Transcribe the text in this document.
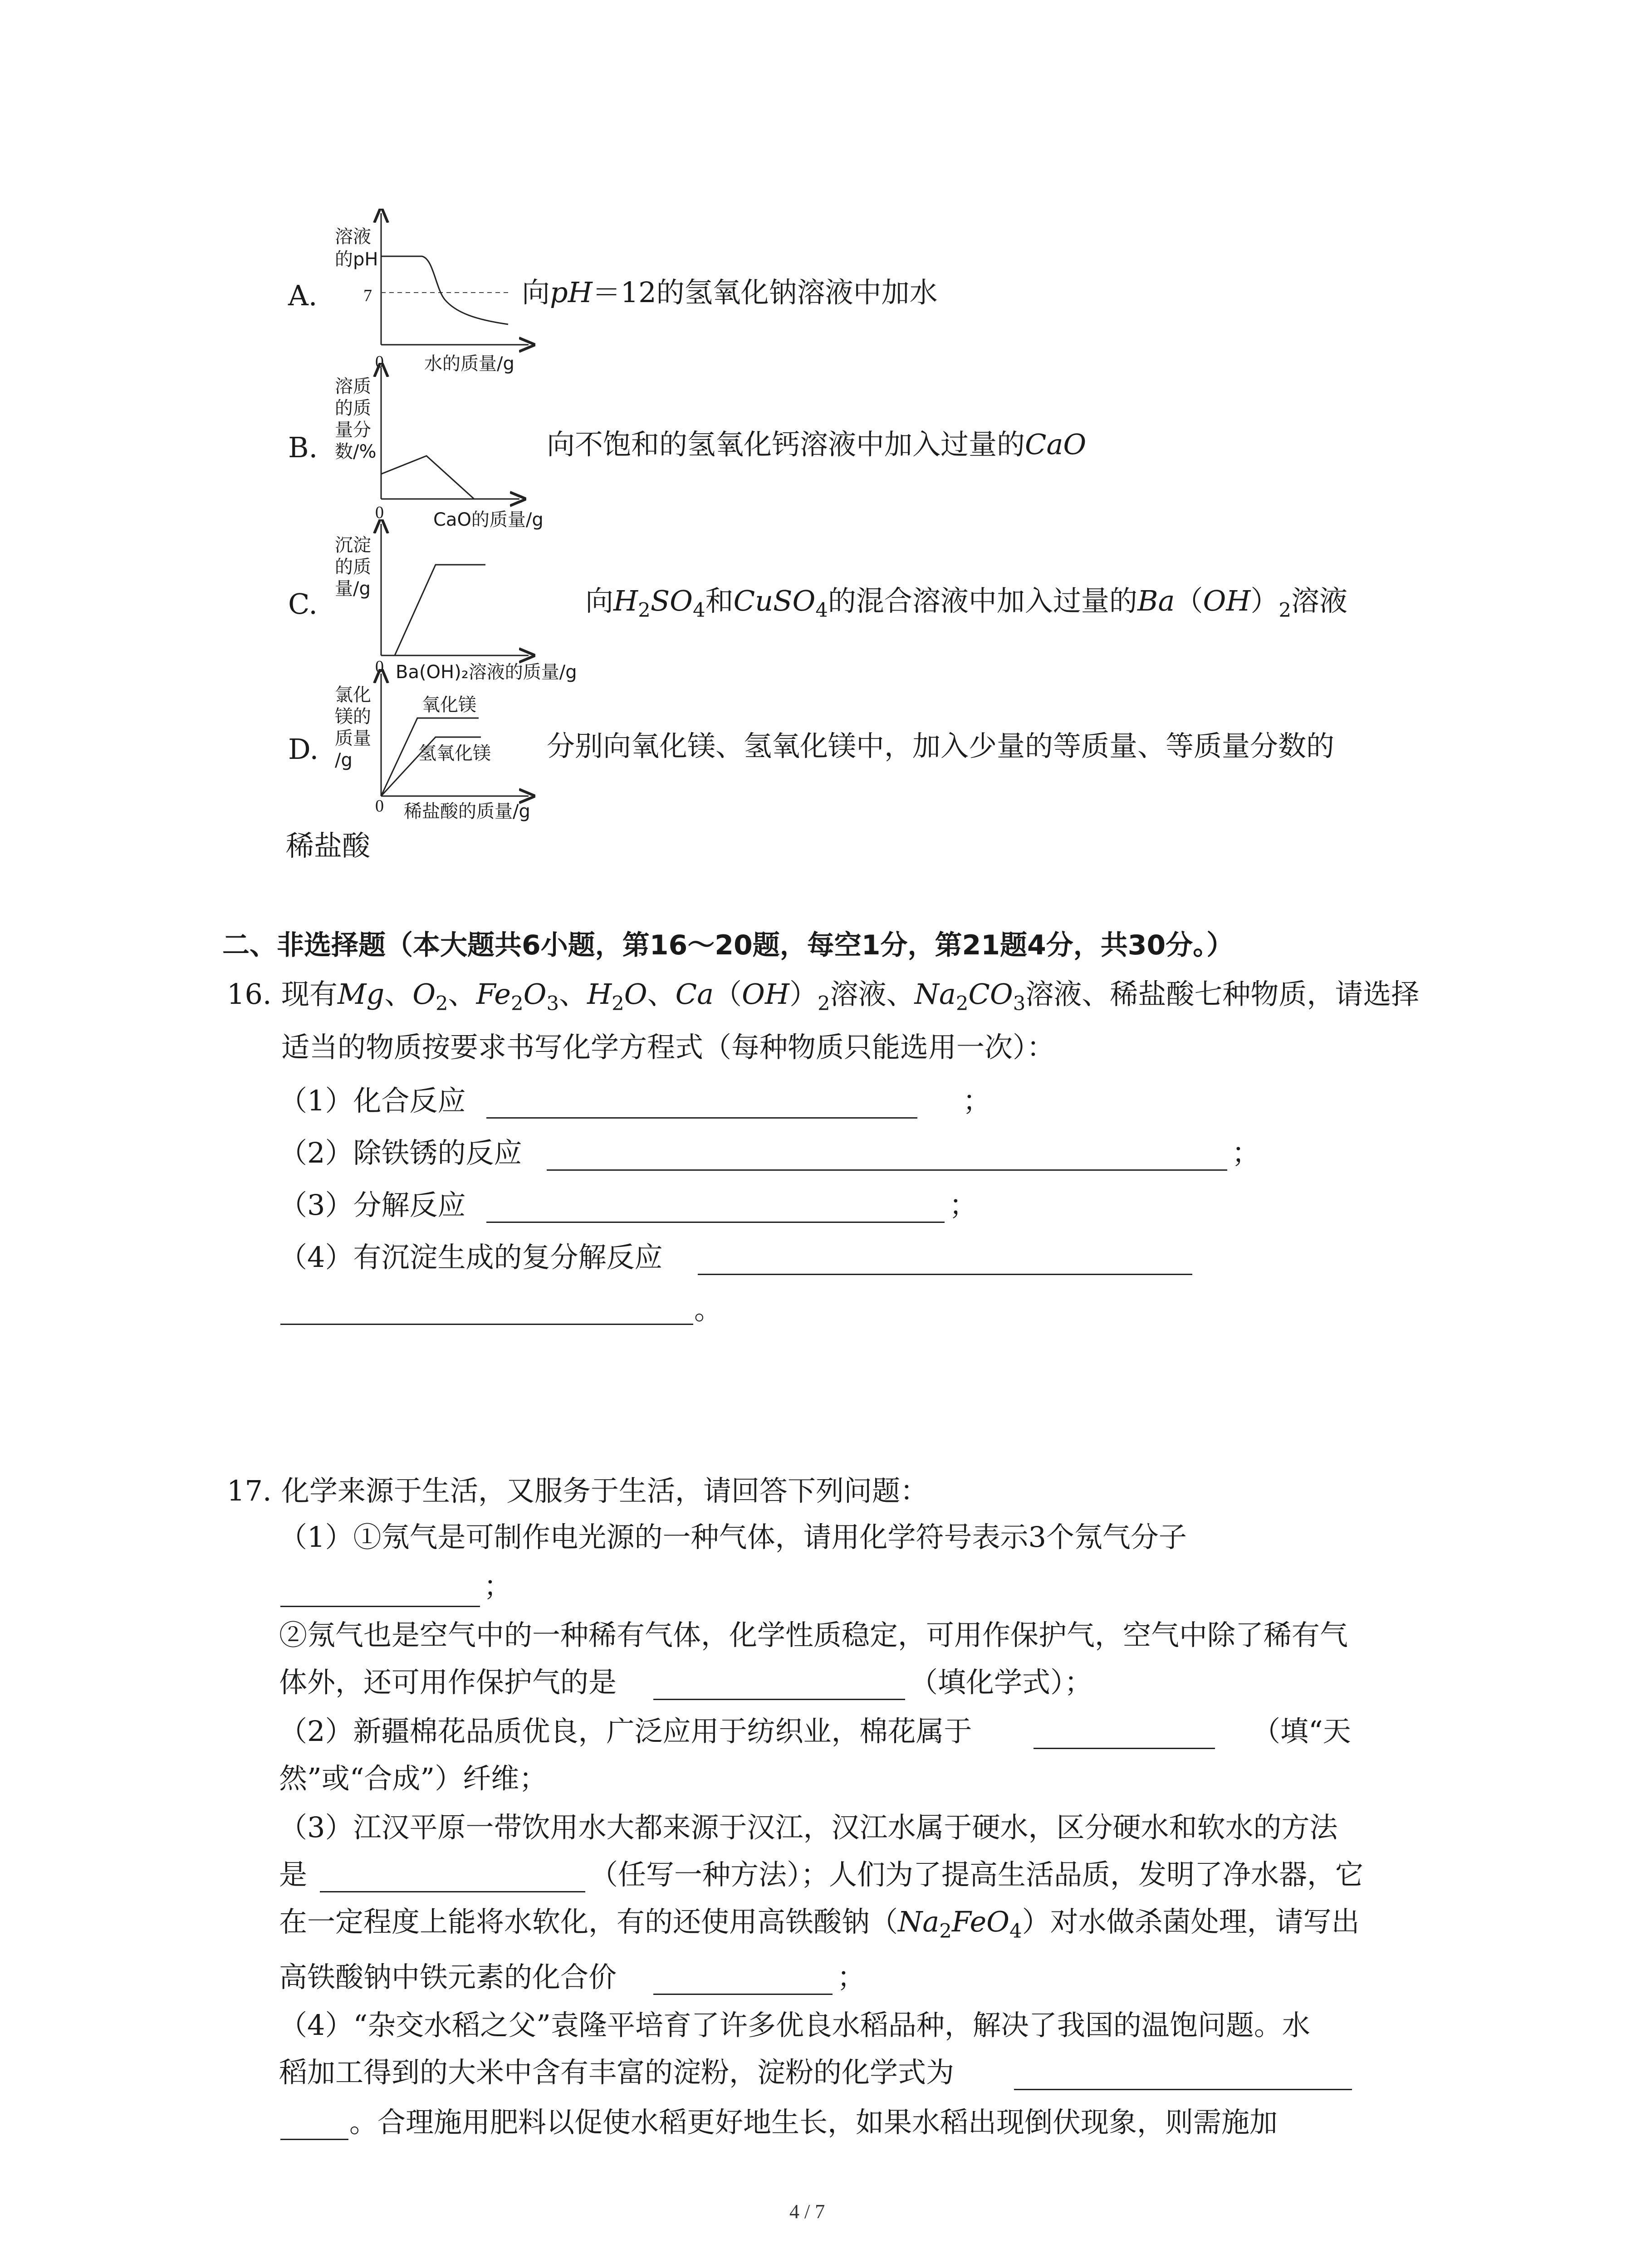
A.
溶液
的pH
7
0 水的质量/g
向pH＝12的氢氧化钠溶液中加水
B.
溶质
的质
量分
数/%
0	CaO的质量/g
向不饱和的氢氧化钙溶液中加入过量的CaO
C.
沉淀
的质
量/g
0 Ba(OH)₂溶液的质量/g
向$H_2SO_4$和CuSO$_4$的混合溶液中加入过量的$Ba(OH)_2$溶液
D.
氯化
镁的
质量
/g
0 稀盐酸的质量/g
氧化镁
氢氧化镁 分别向氧化镁、氢氧化镁中，加入少量的等质量、等质量分数的
稀盐酸
二、非选择题（本大题共6小题，第16～20题，每空1分，第21题4分，共30分。）
16. 现有Mg、$O_2$、$Fe_2O_3$、$H_2O$、$Ca(OH)_2$溶液、$Na_2CO_3$溶液、稀盐酸七种物质，请选择
适当的物质按要求书写化学方程式（每种物质只能选用一次）：
（1）化合反应	；
（2）除铁锈的反应	；
（3）分解反应	；
（4）有沉淀生成的复分解反应
。
17. 化学来源于生活，又服务于生活，请回答下列问题：
（1）①氖气是可制作电光源的一种气体，请用化学符号表示3个氖气分子
；
②氖气也是空气中的一种稀有气体，化学性质稳定，可用作保护气，空气中除了稀有气
体外，还可用作保护气的是	（填化学式）；
（2）新疆棉花品质优良，广泛应用于纺织业，棉花属于	（填“天
然”或“合成”）纤维；
（3）江汉平原一带饮用水大都来源于汉江，汉江水属于硬水，区分硬水和软水的方法
是	（任写一种方法）；人们为了提高生活品质，发明了净水器，它
在一定程度上能将水软化，有的还使用高铁酸钠$(Na_2FeO_4)$对水做杀菌处理，请写出
高铁酸钠中铁元素的化合价	；
（4）“杂交水稻之父”袁隆平培育了许多优良水稻品种，解决了我国的温饱问题。水
稻加工得到的大米中含有丰富的淀粉，淀粉的化学式为
。合理施用肥料以促使水稻更好地生长，如果水稻出现倒伏现象，则需施加
4 / 7
